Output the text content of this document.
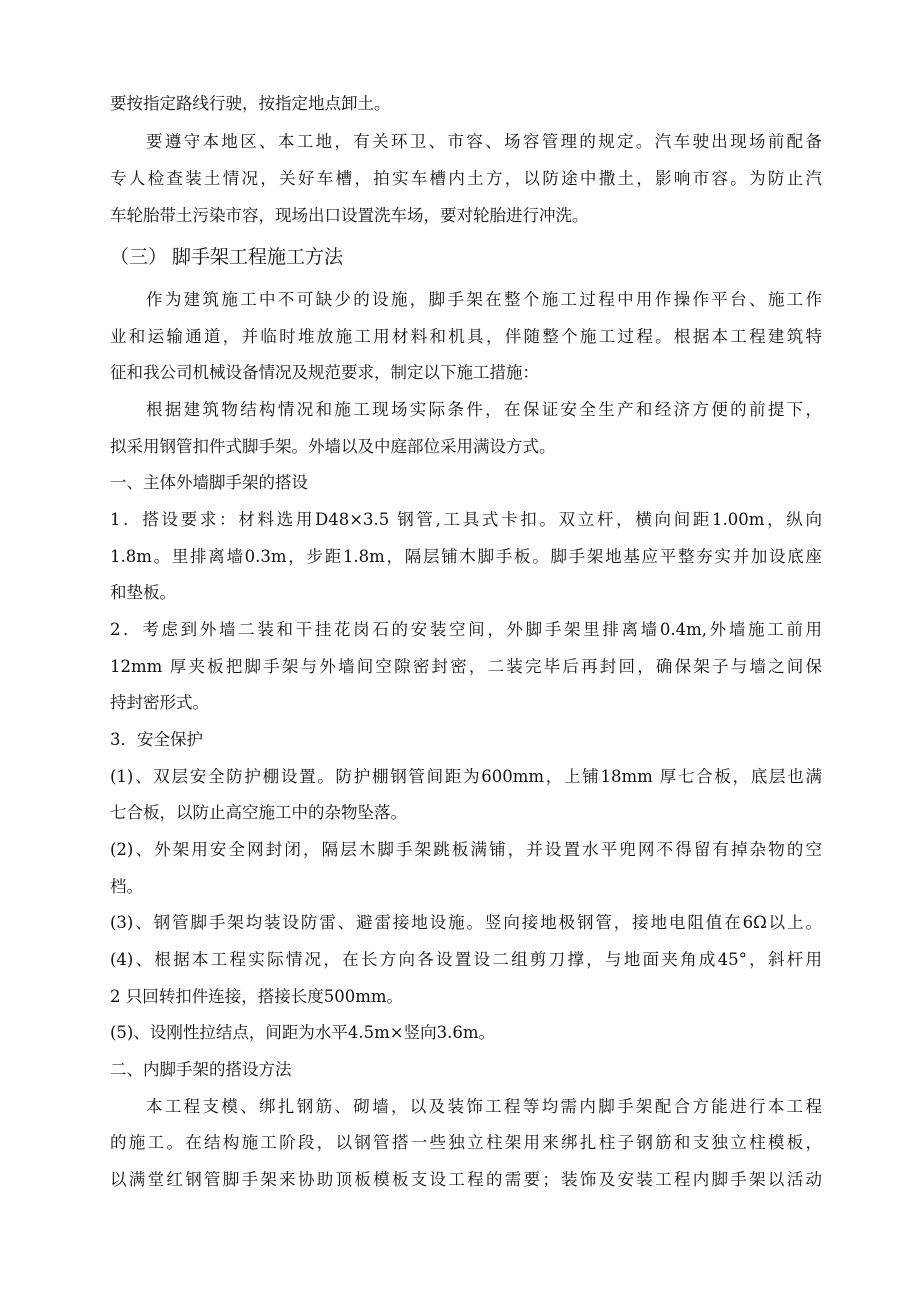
要按指定路线行驶，按指定地点卸土。
要遵守本地区、本工地，有关环卫、市容、场容管理的规定。汽车驶出现场前配备
专人检查装土情况，关好车槽，拍实车槽内土方，以防途中撒土，影响市容。为防止汽
车轮胎带土污染市容，现场出口设置洗车场，要对轮胎进行冲洗。
（三） 脚手架工程施工方法
作为建筑施工中不可缺少的设施，脚手架在整个施工过程中用作操作平台、施工作
业和运输通道，并临时堆放施工用材料和机具，伴随整个施工过程。根据本工程建筑特
征和我公司机械设备情况及规范要求，制定以下施工措施：
根据建筑物结构情况和施工现场实际条件，在保证安全生产和经济方便的前提下，
拟采用钢管扣件式脚手架。外墙以及中庭部位采用满设方式。
一、主体外墙脚手架的搭设
1．搭设要求：材料选用D48×3.5 钢管,工具式卡扣。双立杆，横向间距1.00m，纵向
1.8m。里排离墙0.3m，步距1.8m，隔层铺木脚手板。脚手架地基应平整夯实并加设底座
和垫板。
2．考虑到外墙二装和干挂花岗石的安装空间，外脚手架里排离墙0.4m,外墙施工前用
12mm 厚夹板把脚手架与外墙间空隙密封密，二装完毕后再封回，确保架子与墙之间保
持封密形式。
3．安全保护
(1)、双层安全防护棚设置。防护棚钢管间距为600mm，上铺18mm 厚七合板，底层也满
七合板，以防止高空施工中的杂物坠落。
(2)、外架用安全网封闭，隔层木脚手架跳板满铺，并设置水平兜网不得留有掉杂物的空
档。
(3)、钢管脚手架均装设防雷、避雷接地设施。竖向接地极钢管，接地电阻值在6Ω以上。
(4)、根据本工程实际情况，在长方向各设置设二组剪刀撑，与地面夹角成45°，斜杆用
2 只回转扣件连接，搭接长度500mm。
(5)、设刚性拉结点，间距为水平4.5m×竖向3.6m。
二、内脚手架的搭设方法
本工程支模、绑扎钢筋、砌墙，以及装饰工程等均需内脚手架配合方能进行本工程
的施工。在结构施工阶段，以钢管搭一些独立柱架用来绑扎柱子钢筋和支独立柱模板，
以满堂红钢管脚手架来协助顶板模板支设工程的需要；装饰及安装工程内脚手架以活动
